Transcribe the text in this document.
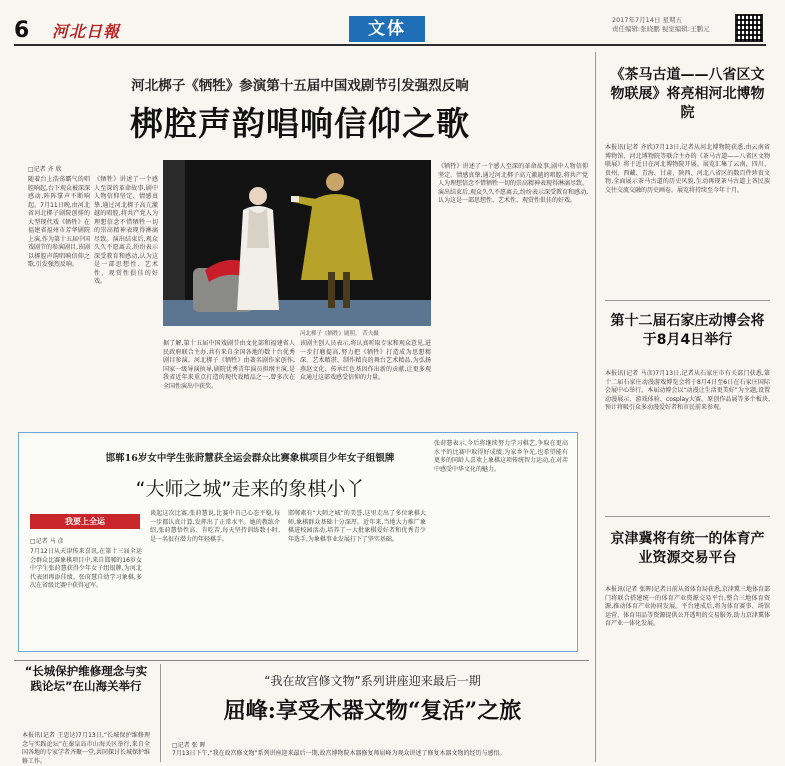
6 河北日報	文体	2017年7月14日 星期五
责任编辑:张晓鹏 视觉编辑:王鹏元
河北梆子《牺牲》参演第十五届中国戏剧节引发强烈反响
梆腔声韵唱响信仰之歌
□记者 齐 欣
随着台上浩荡霸气的唱腔响起,台下观众被深深感动,阵阵掌声不断响起。7月11日晚,由河北省河北梆子剧院创排的大型现代戏《牺牲》在福建省福州市芳华剧院上演,作为第十五届中国戏剧节的参演剧目,该剧以梆腔声韵唱响信仰之歌,引发强烈反响。
《牺牲》讲述了一个感人至深的革命故事,剧中人物信仰坚定、情感真挚,通过河北梆子高亢激越的唱腔,将共产党人为理想信念不惜牺牲一切的崇高精神表现得淋漓尽致。演出结束后,观众久久不愿离去,纷纷表示深受教育和感动,认为这是一部思想性、艺术性、观赏性俱佳的好戏。
据了解,第十五届中国戏剧节由文化部和福建省人民政府联合主办,共有来自全国各地的数十台优秀剧目参演。河北梆子《牺牲》由著名剧作家创作,国家一级导演执导,剧院优秀青年演员担纲主演,是我省近年来重点打造的现代戏精品之一,曾多次在全国性演出中获奖。
该剧主创人员表示,将认真听取专家和观众意见,进一步打磨提高,努力把《牺牲》打造成为思想精深、艺术精湛、制作精良的舞台艺术精品,为弘扬燕赵文化、传承红色基因作出新的贡献,让更多观众通过这部戏感受信仰的力量。
《牺牲》讲述了一个感人至深的革命故事,剧中人物信仰坚定、情感真挚,通过河北梆子高亢激越的唱腔,将共产党人为理想信念不惜牺牲一切的崇高精神表现得淋漓尽致。演出结束后,观众久久不愿离去,纷纷表示深受教育和感动,认为这是一部思想性、艺术性、观赏性俱佳的好戏。
河北梆子《牺牲》剧照。 苦夫摄
邯郸16岁女中学生张莳慧获全运会群众比赛象棋项目少年女子组银牌
“大师之城”走来的象棋小丫
我要上全运
□记者 马 彦
7月12日从天津传来喜讯,在第十三届全运会群众比赛象棋项目中,来自邯郸的16岁女中学生张莳慧获得少年女子组银牌,为河北代表团再添佳绩。张莳慧自幼学习象棋,多次在省级比赛中获得冠军。
谈起这次比赛,张莳慧说,比赛中自己心态平稳,每一步都认真计算,发挥出了正常水平。她的教练介绍,张莳慧悟性高、肯吃苦,每天坚持训练数小时,是一名很有潜力的年轻棋手。
邯郸素有“大师之城”的美誉,这里走出了多位象棋大师,象棋群众基础十分深厚。近年来,当地大力推广象棋进校园活动,培养了一大批象棋爱好者和优秀青少年选手,为象棋事业发展打下了坚实基础。
张莳慧表示,今后将继续努力学习棋艺,争取在更高水平的比赛中取得好成绩,为家乡争光,也希望能有更多的同龄人喜欢上象棋这项传统智力运动,在对弈中感受中华文化的魅力。
“长城保护维修理念与实践论坛”在山海关举行
本报讯(记者 王思达)7月13日,“长城保护维修理念与实践论坛”在秦皇岛市山海关区举行,来自全国各地的专家学者齐聚一堂,共同探讨长城保护维修工作。
“我在故宫修文物”系列讲座迎来最后一期
屈峰:享受木器文物“复活”之旅
□记者 张 晖
7月13日下午,“我在故宫修文物”系列讲座迎来最后一期,故宫博物院木器修复师屈峰为观众讲述了修复木器文物的经历与感悟。
《茶马古道——八省区文物联展》将亮相河北博物院
本报讯(记者 齐欣)7月13日,记者从河北博物院获悉,由云南省博物馆、河北博物院等联合主办的《茶马古道——八省区文物联展》将于近日在河北博物院开展。展览汇集了云南、四川、贵州、西藏、青海、甘肃、陕西、河北八省区的数百件珍贵文物,全面展示茶马古道的历史风貌,生动再现茶马古道上各民族交往交流交融的历史画卷。展览将持续至今年十月。
第十二届石家庄动博会将于8月4日举行
本报讯(记者 马彦)7月13日,记者从石家庄市有关部门获悉,第十二届石家庄动漫游戏博览会将于8月4日至6日在石家庄国际会展中心举行。本届动博会以“动漫让生活更美好”为主题,设置动漫展示、游戏体验、cosplay大赛、原创作品展等多个板块,预计将吸引众多动漫爱好者和市民前来参观。
京津冀将有统一的体育产业资源交易平台
本报讯(记者 张晖)记者日前从省体育局获悉,京津冀三地体育部门将联合搭建统一的体育产业资源交易平台,整合三地体育资源,推动体育产业协同发展。平台建成后,将为体育赛事、场馆运营、体育用品等资源提供公开透明的交易服务,助力京津冀体育产业一体化发展。
